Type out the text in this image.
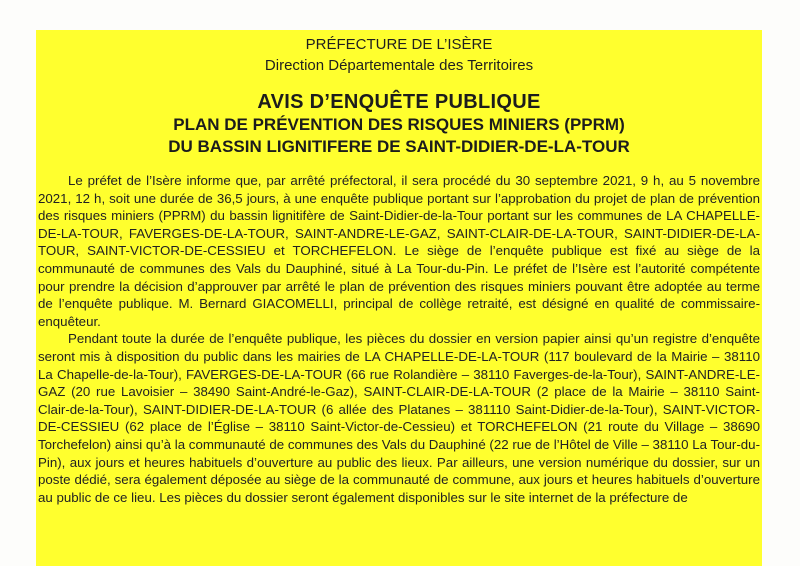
PRÉFECTURE DE L’ISÈRE
Direction Départementale des Territoires
AVIS D’ENQUÊTE PUBLIQUE
PLAN DE PRÉVENTION DES RISQUES MINIERS (PPRM)
DU BASSIN LIGNITIFERE DE SAINT-DIDIER-DE-LA-TOUR

Le préfet de l’Isère informe que, par arrêté préfectoral, il sera procédé du 30 septembre 2021, 9 h, au 5 novembre 2021, 12 h, soit une durée de 36,5 jours, à une enquête publique portant sur l’approbation du projet de plan de prévention des risques miniers (PPRM) du bassin lignitifère de Saint-Didier-de-la-Tour portant sur les communes de LA CHAPELLE-DE-LA-TOUR, FAVERGES-DE-LA-TOUR, SAINT-ANDRE-LE-GAZ, SAINT-CLAIR-DE-LA-TOUR, SAINT-DIDIER-DE-LA-TOUR, SAINT-VICTOR-DE-CESSIEU et TORCHEFELON. Le siège de l’enquête publique est fixé au siège de la communauté de communes des Vals du Dauphiné, situé à La Tour-du-Pin. Le préfet de l’Isère est l’autorité compétente pour prendre la décision d’approuver par arrêté le plan de prévention des risques miniers pouvant être adoptée au terme de l’enquête publique. M. Bernard GIACOMELLI, principal de collège retraité, est désigné en qualité de commissaire-enquêteur.

Pendant toute la durée de l’enquête publique, les pièces du dossier en version papier ainsi qu’un registre d’enquête seront mis à disposition du public dans les mairies de LA CHAPELLE-DE-LA-TOUR (117 boulevard de la Mairie – 38110 La Chapelle-de-la-Tour), FAVERGES-DE-LA-TOUR (66 rue Rolandière – 38110 Faverges-de-la-Tour), SAINT-ANDRE-LE-GAZ (20 rue Lavoisier – 38490 Saint-André-le-Gaz), SAINT-CLAIR-DE-LA-TOUR (2 place de la Mairie – 38110 Saint-Clair-de-la-Tour), SAINT-DIDIER-DE-LA-TOUR (6 allée des Platanes – 381110 Saint-Didier-de-la-Tour), SAINT-VICTOR-DE-CESSIEU (62 place de l’Église – 38110 Saint-Victor-de-Cessieu) et TORCHEFELON (21 route du Village – 38690 Torchefelon) ainsi qu’à la communauté de communes des Vals du Dauphiné (22 rue de l’Hôtel de Ville – 38110 La Tour-du-Pin), aux jours et heures habituels d’ouverture au public des lieux. Par ailleurs, une version numérique du dossier, sur un poste dédié, sera également déposée au siège de la communauté de commune, aux jours et heures habituels d’ouverture au public de ce lieu. Les pièces du dossier seront également disponibles sur le site internet de la préfecture de
